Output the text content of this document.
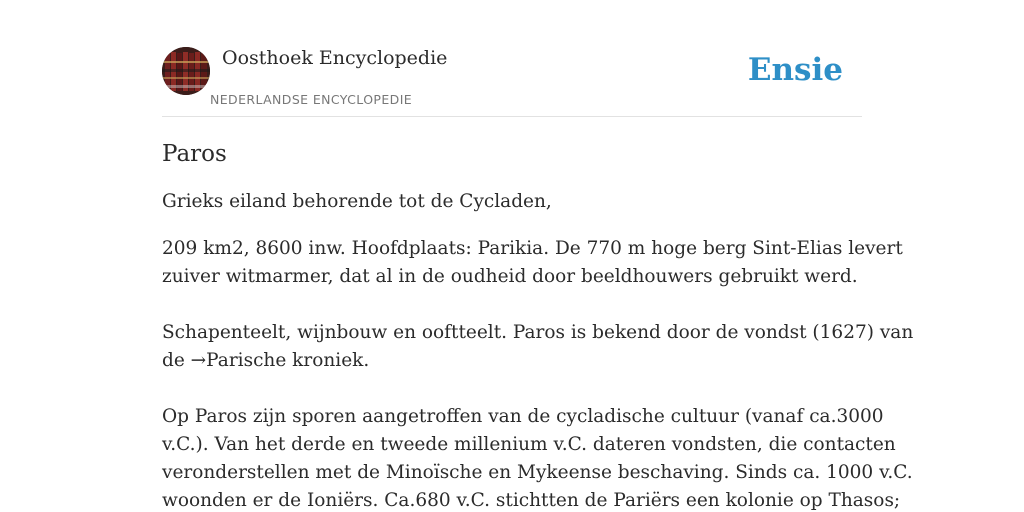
Oosthoek Encyclopedie
NEDERLANDSE ENCYCLOPEDIE
Ensie
Paros

Grieks eiland behorende tot de Cycladen,

209 km2, 8600 inw. Hoofdplaats: Parikia. De 770 m hoge berg Sint-Elias levert
zuiver witmarmer, dat al in de oudheid door beeldhouwers gebruikt werd.

Schapenteelt, wijnbouw en ooftteelt. Paros is bekend door de vondst (1627) van
de →Parische kroniek.

Op Paros zijn sporen aangetroffen van de cycladische cultuur (vanaf ca.3000
v.C.). Van het derde en tweede millenium v.C. dateren vondsten, die contacten
veronderstellen met de Minoïsche en Mykeense beschaving. Sinds ca. 1000 v.C.
woonden er de Ioniërs. Ca.680 v.C. stichtten de Pariërs een kolonie op Thasos;
